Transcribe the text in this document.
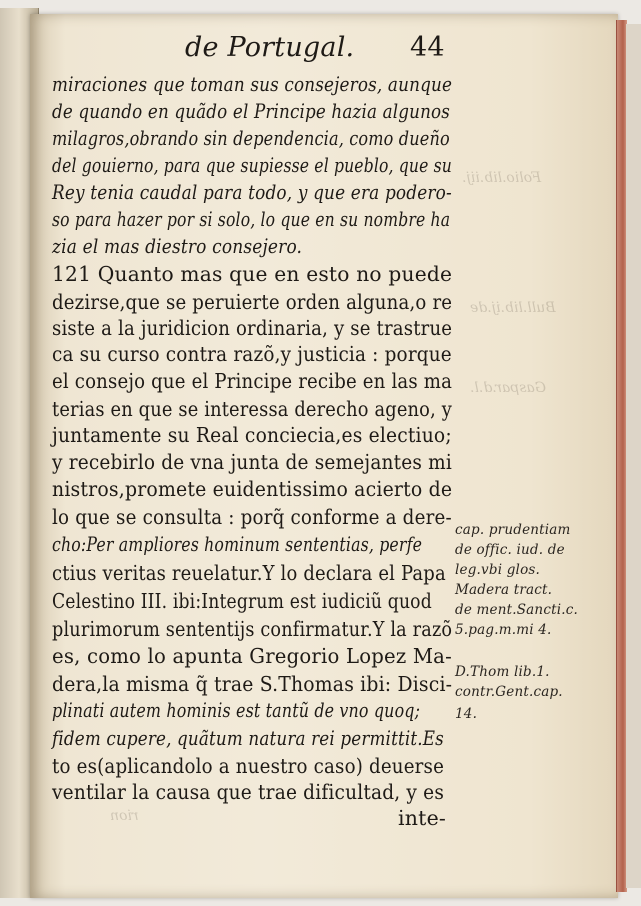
Folio.lib.iij.
Bull.lib.ij.de
Gaspar.d.l.
rion
de Portugal. 44
miraciones que toman sus consejeros, aunque
de quando en quãdo el Principe hazia algunos
milagros,obrando sin dependencia, como dueño
del gouierno, para que supiesse el pueblo, que su
Rey tenia caudal para todo, y que era podero-
so para hazer por si solo, lo que en su nombre ha
zia el mas diestro consejero.
121 Quanto mas que en esto no puede
dezirse,que se peruierte orden alguna,o re
siste a la juridicion ordinaria, y se trastrue
ca su curso contra razõ,y justicia : porque
el consejo que el Principe recibe en las ma
terias en que se interessa derecho ageno, y
juntamente su Real conciecia,es electiuo;
y recebirlo de vna junta de semejantes mi
nistros,promete euidentissimo acierto de
lo que se consulta : porq̃ conforme a dere-
cho:Per ampliores hominum sententias, perfe
ctius veritas reuelatur.Y lo declara el Papa
Celestino III. ibi:Integrum est iudiciũ quod
plurimorum sententijs confirmatur.Y la razõ
es, como lo apunta Gregorio Lopez Ma-
dera,la misma q̃ trae S.Thomas ibi: Disci-
plinati autem hominis est tantũ de vno quoq;
fidem cupere, quãtum natura rei permittit.Es
to es(aplicandolo a nuestro caso) deuerse
ventilar la causa que trae dificultad, y es
cap. prudentiam
de offic. iud. de
leg.vbi glos.
Madera tract.
de ment.Sancti.c.
5.pag.m.mi 4.
D.Thom lib.1.
contr.Gent.cap.
14.
inte-
